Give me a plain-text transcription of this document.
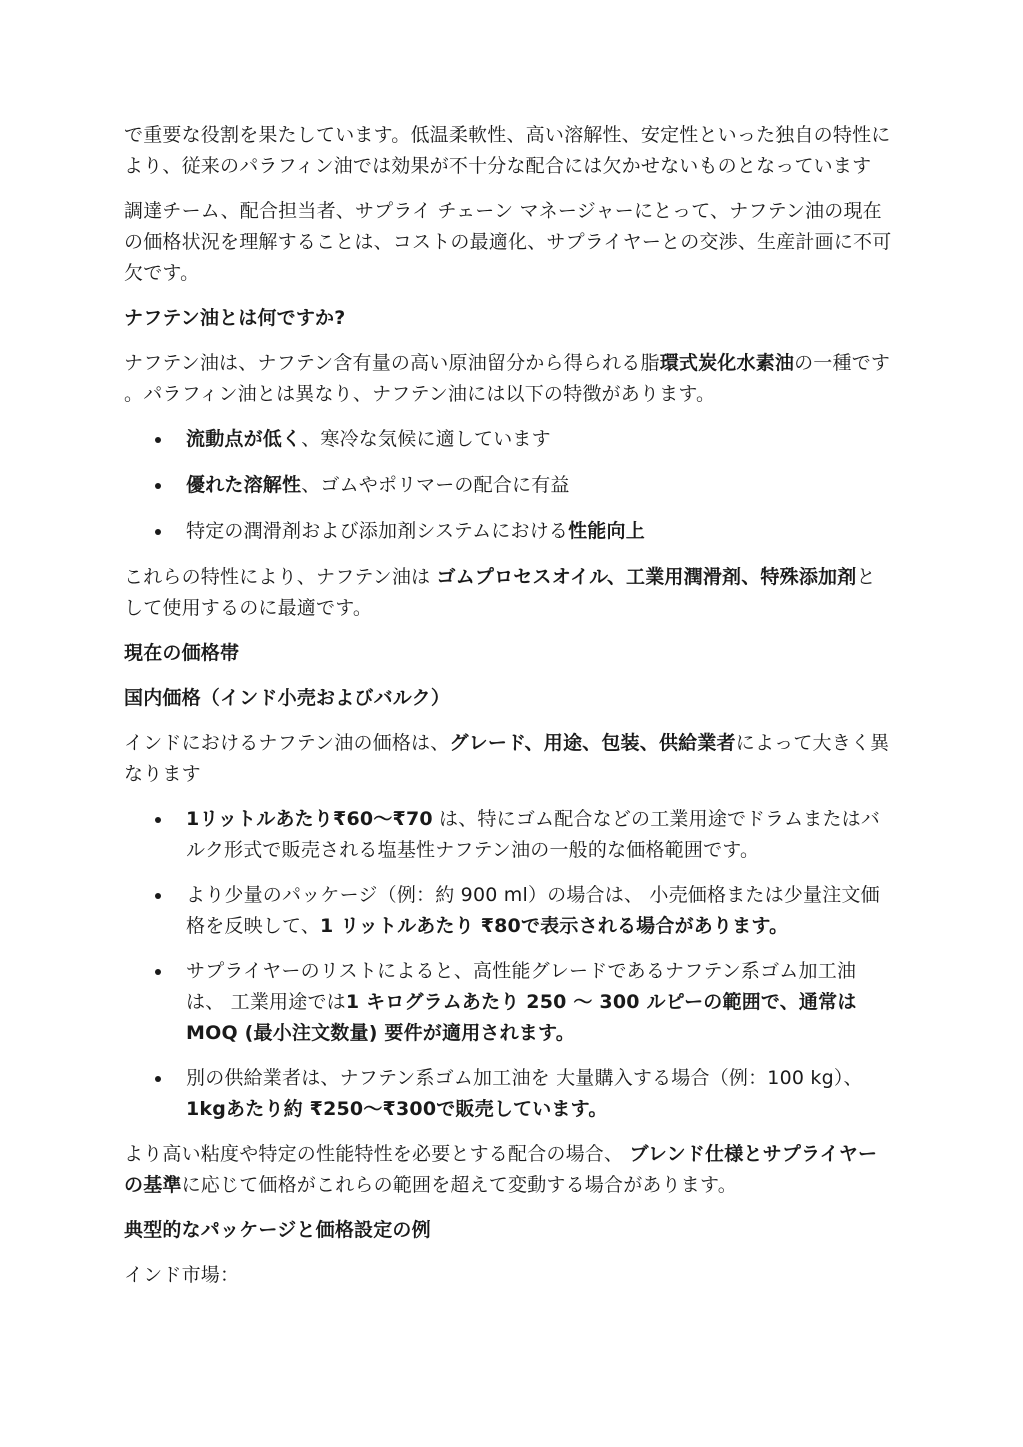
で重要な役割を果たしています。低温柔軟性、高い溶解性、安定性といった独自の特性により、従来のパラフィン油では効果が不十分な配合には欠かせないものとなっています

調達チーム、配合担当者、サプライ チェーン マネージャーにとって、ナフテン油の現在の価格状況を理解することは、コストの最適化、サプライヤーとの交渉、生産計画に不可欠です。

ナフテン油とは何ですか?

ナフテン油は、ナフテン含有量の高い原油留分から得られる脂環式炭化水素油の一種です 。パラフィン油とは異なり、ナフテン油には以下の特徴があります。

流動点が低く、寒冷な気候に適しています
優れた溶解性、ゴムやポリマーの配合に有益
特定の潤滑剤および添加剤システムにおける性能向上

これらの特性により、ナフテン油は ゴムプロセスオイル、工業用潤滑剤、特殊添加剤として使用するのに最適です。

現在の価格帯

国内価格（インド小売およびバルク）

インドにおけるナフテン油の価格は、グレード、用途、包装、供給業者によって大きく異なります

1リットルあたり₹60〜₹70 は、特にゴム配合などの工業用途でドラムまたはバルク形式で販売される塩基性ナフテン油の一般的な価格範囲です。
より少量のパッケージ（例：約 900 ml）の場合は、 小売価格または少量注文価格を反映して、1 リットルあたり ₹80で表示される場合があります。
サプライヤーのリストによると、高性能グレードであるナフテン系ゴム加工油は、 工業用途では1 キログラムあたり 250 ～ 300 ルピーの範囲で、通常は MOQ (最小注文数量) 要件が適用されます。
別の供給業者は、ナフテン系ゴム加工油を 大量購入する場合（例：100 kg）、 1kgあたり約 ₹250〜₹300で販売しています。

より高い粘度や特定の性能特性を必要とする配合の場合、 ブレンド仕様とサプライヤーの基準に応じて価格がこれらの範囲を超えて変動する場合があります。

典型的なパッケージと価格設定の例

インド市場：
